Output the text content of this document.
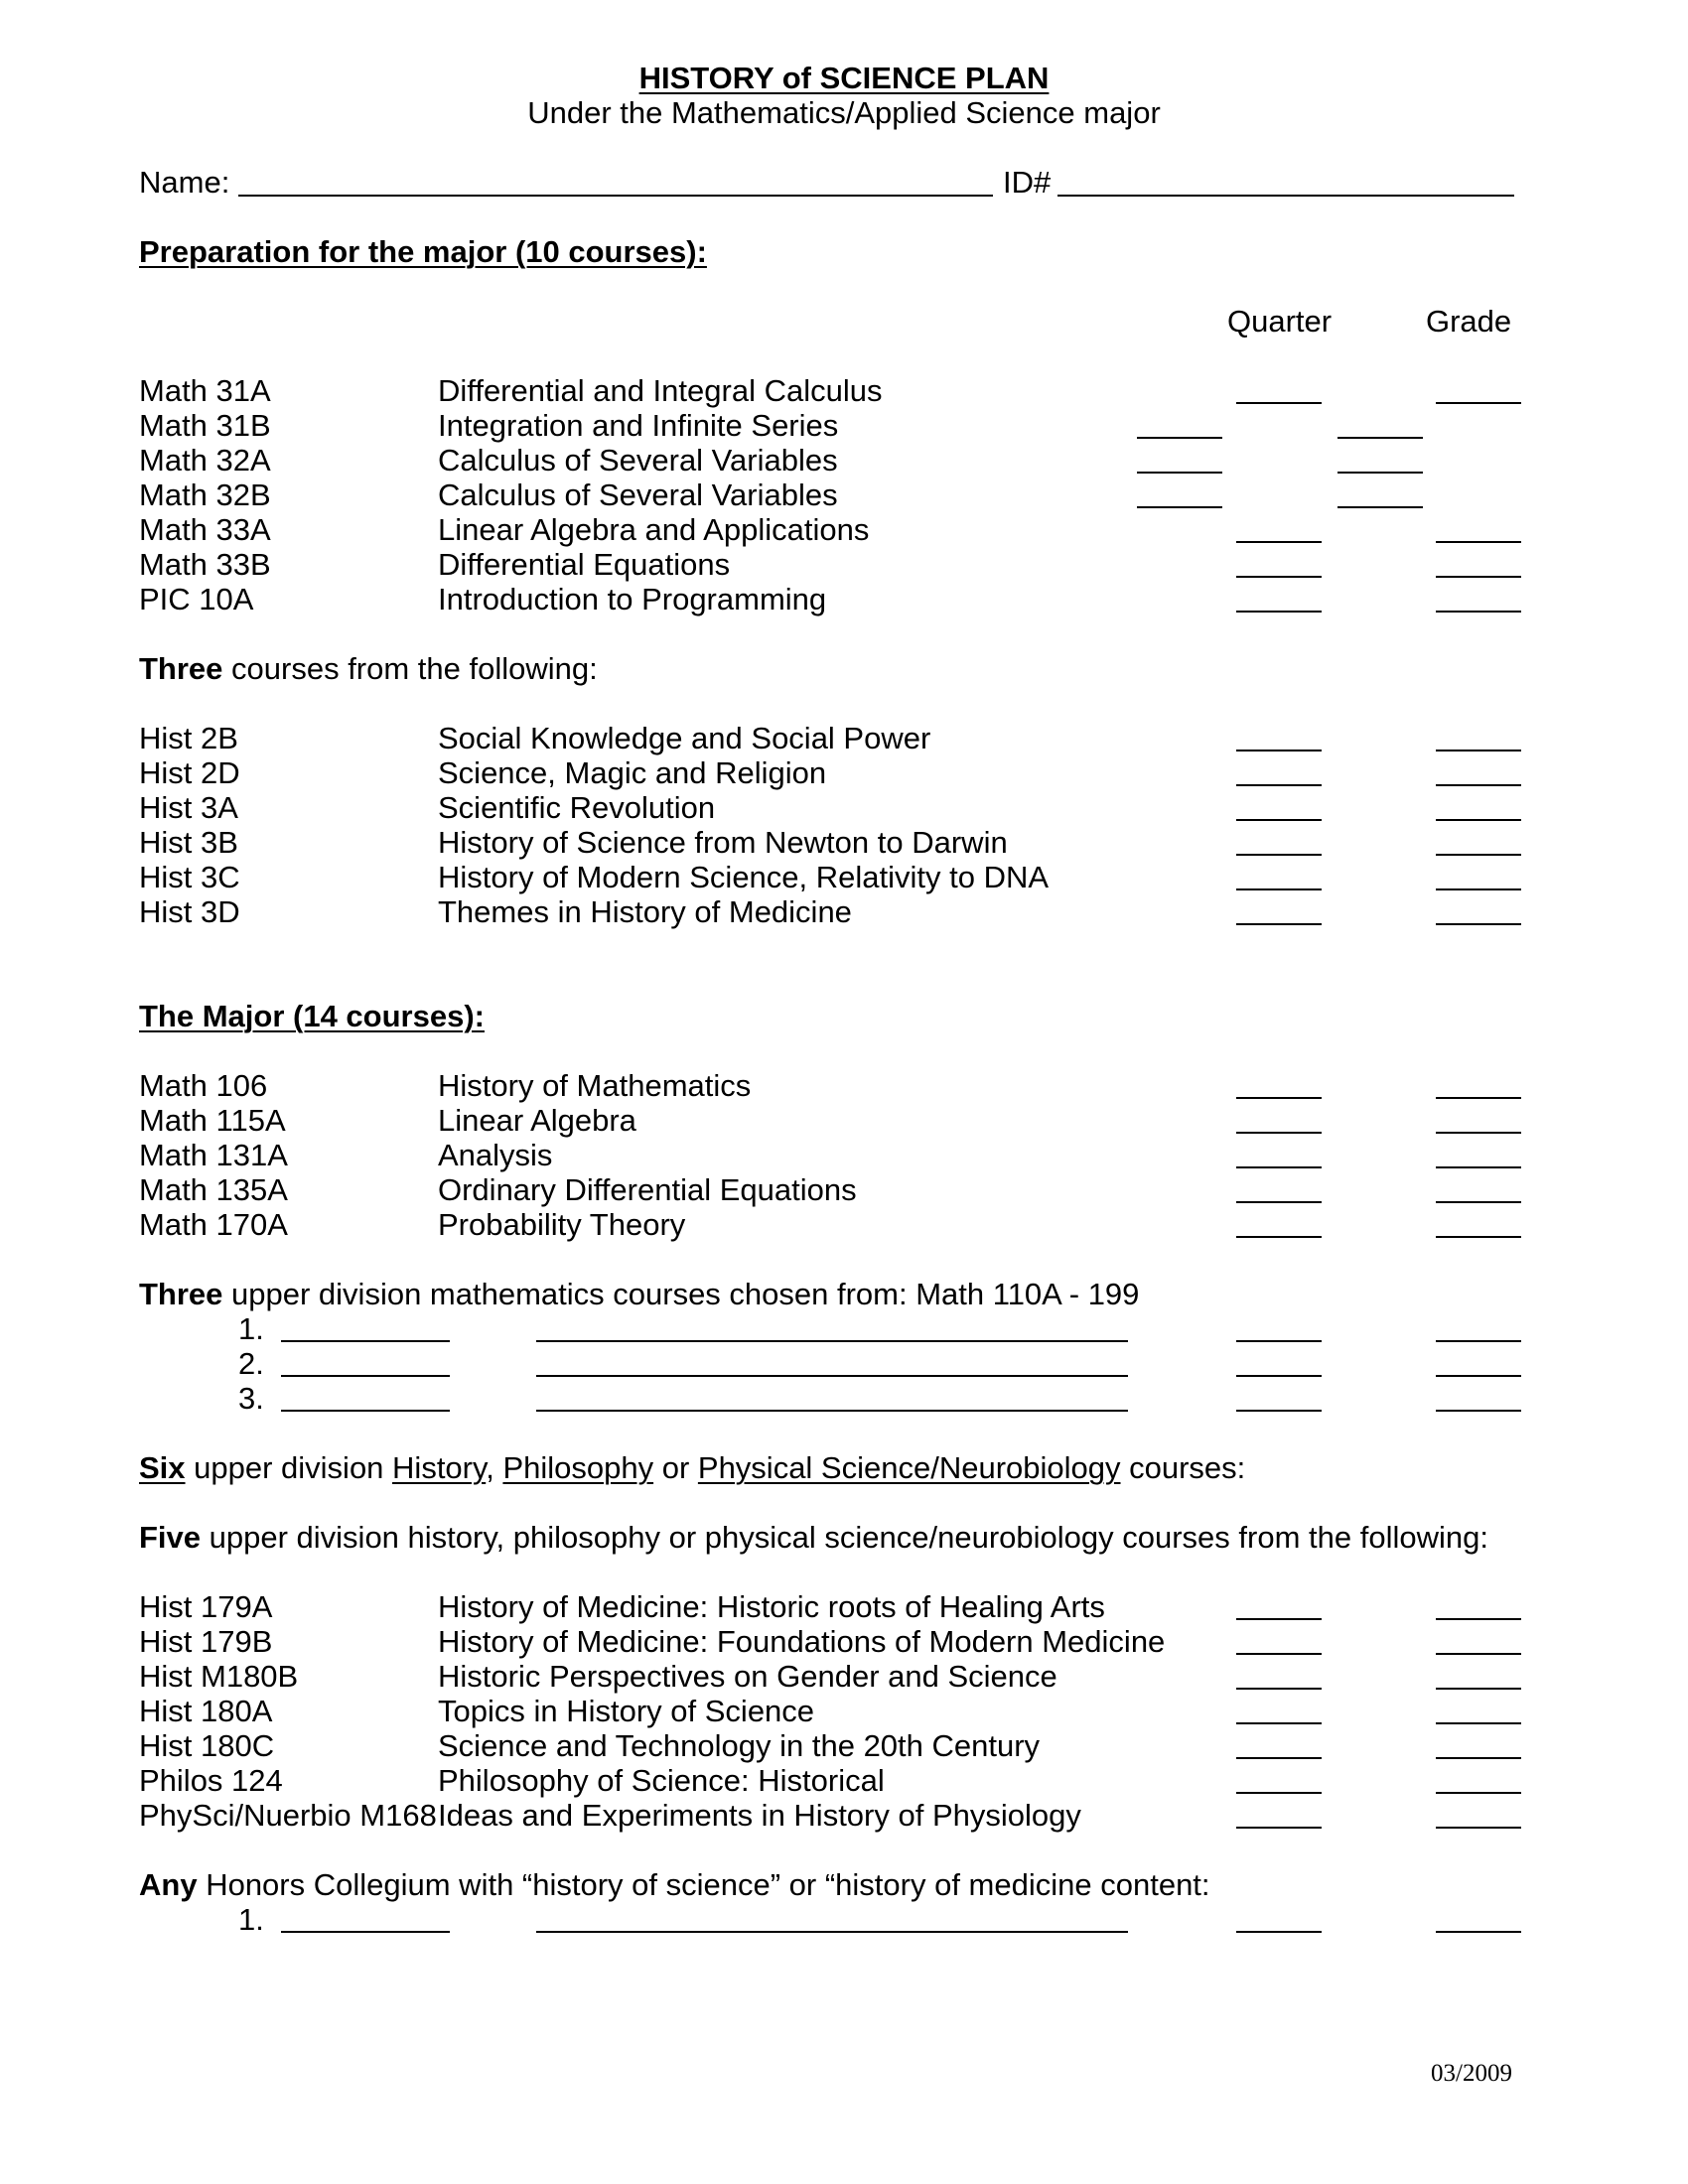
HISTORY of SCIENCE PLAN
Under the Mathematics/Applied Science major
Name:	ID#
Preparation for the major (10 courses):
Quarter	Grade
Math 31A	Differential and Integral Calculus
Math 31B	Integration and Infinite Series
Math 32A	Calculus of Several Variables
Math 32B	Calculus of Several Variables
Math 33A	Linear Algebra and Applications
Math 33B	Differential Equations
PIC 10A	Introduction to Programming
Three courses from the following:
Hist 2B	Social Knowledge and Social Power
Hist 2D	Science, Magic and Religion
Hist 3A	Scientific Revolution
Hist 3B	History of Science from Newton to Darwin
Hist 3C	History of Modern Science, Relativity to DNA
Hist 3D	Themes in History of Medicine
The Major (14 courses):
Math 106	History of Mathematics
Math 115A	Linear Algebra
Math 131A	Analysis
Math 135A	Ordinary Differential Equations
Math 170A	Probability Theory
Three upper division mathematics courses chosen from: Math 110A - 199
1.
2.
3.
Six upper division History, Philosophy or Physical Science/Neurobiology courses:
Five upper division history, philosophy or physical science/neurobiology courses from the following:
Hist 179A	History of Medicine: Historic roots of Healing Arts
Hist 179B	History of Medicine: Foundations of Modern Medicine
Hist M180B	Historic Perspectives on Gender and Science
Hist 180A	Topics in History of Science
Hist 180C	Science and Technology in the 20th Century
Philos 124	Philosophy of Science: Historical
PhySci/Nuerbio M168 Ideas and Experiments in History of Physiology
Any Honors Collegium with “history of science” or “history of medicine content:
1.
03/2009
